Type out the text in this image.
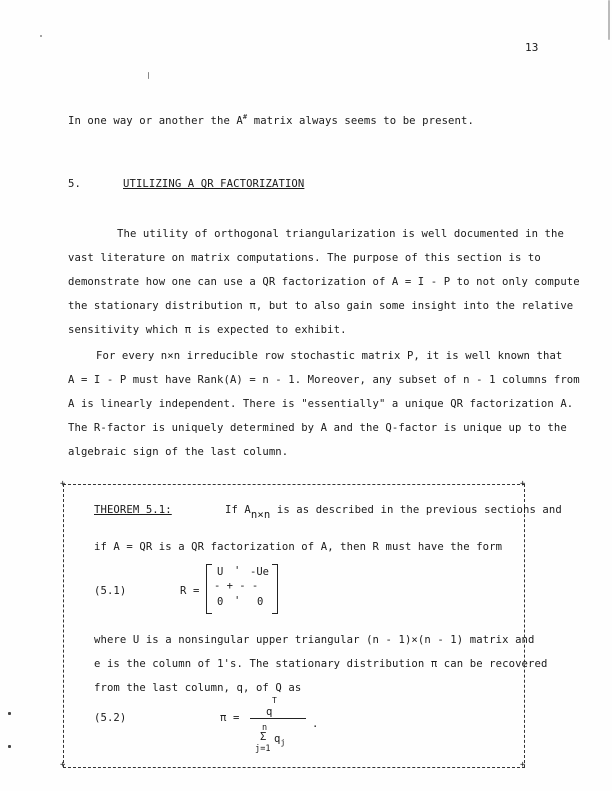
13
In one way or another the A# matrix always seems to be present.
5.	UTILIZING A QR FACTORIZATION
The utility of orthogonal triangularization is well documented in the
vast literature on matrix computations. The purpose of this section is to
demonstrate how one can use a QR factorization of A = I - P to not only compute
the stationary distribution π, but to also gain some insight into the relative
sensitivity which π is expected to exhibit.
For every n×n irreducible row stochastic matrix P, it is well known that
A = I - P must have Rank(A) = n - 1. Moreover, any subset of n - 1 columns from
A is linearly independent. There is "essentially" a unique QR factorization A.
The R-factor is uniquely determined by A and the Q-factor is unique up to the
algebraic sign of the last column.
+	+
+	+
THEOREM 5.1:	If An×n is as described in the previous sections and
if A = QR is a QR factorization of A, then R must have the form
(5.1)	R =
U ' -Ue
- + - -
0 ' 0
where U is a nonsingular upper triangular (n - 1)×(n - 1) matrix and
e is the column of 1's. The stationary distribution π can be recovered
from the last column, q, of Q as
(5.2)	π =	q
T
n
Σ $q_j$
j=1
.
